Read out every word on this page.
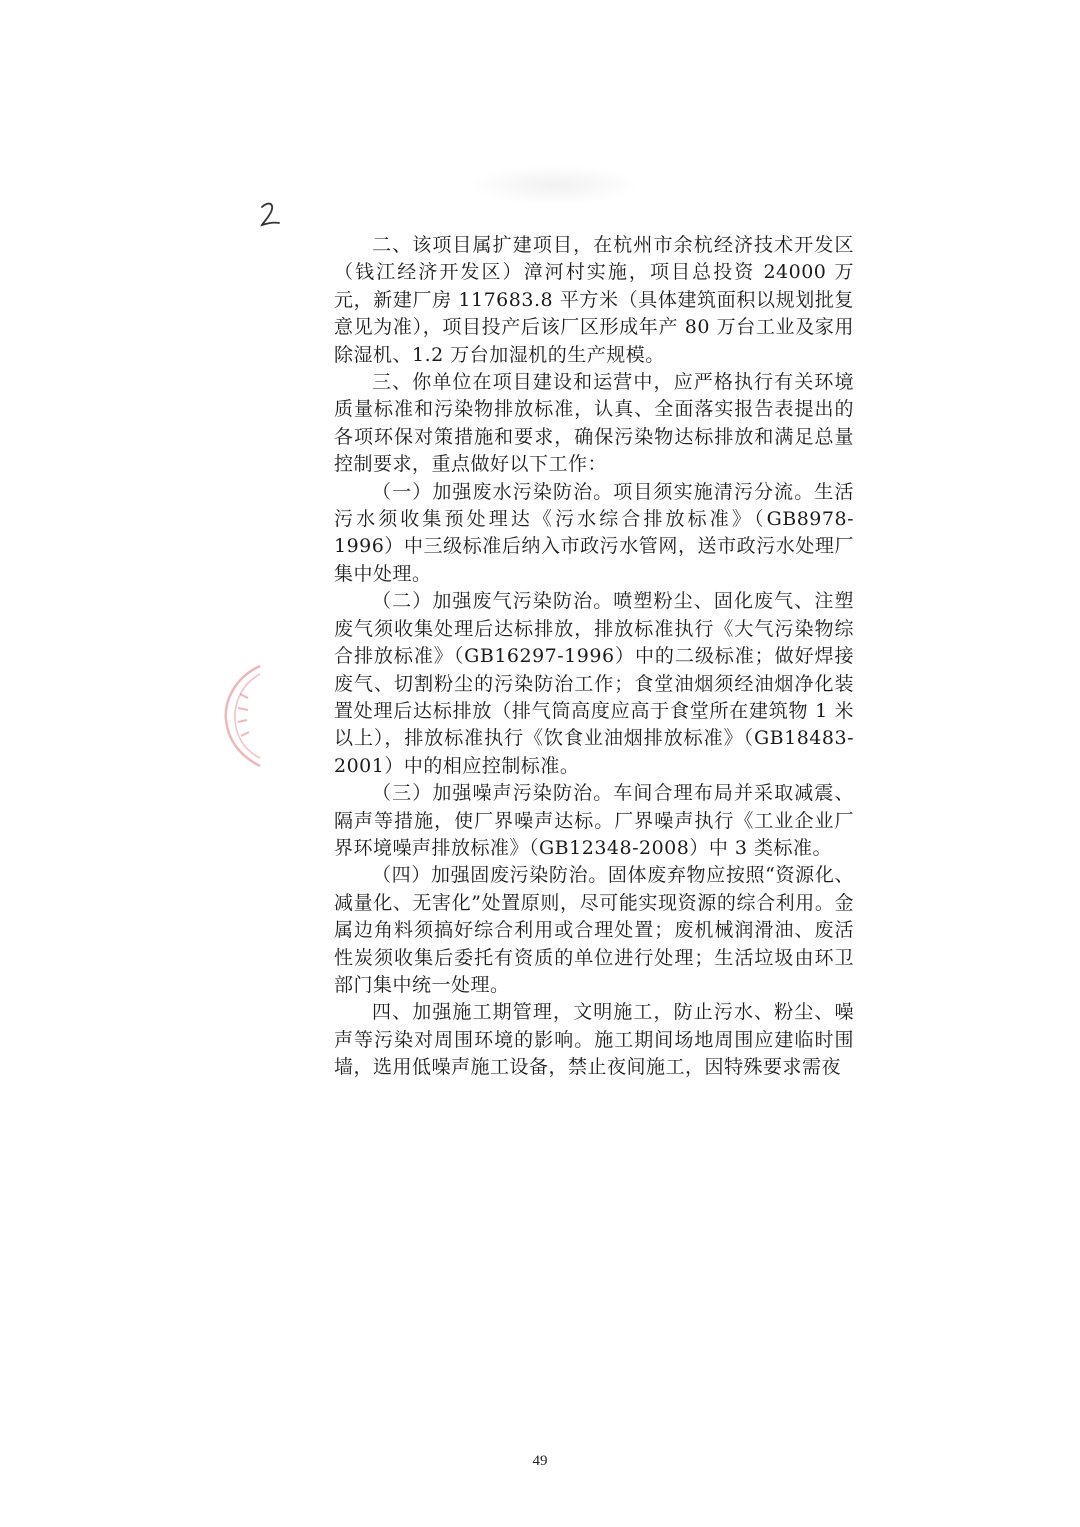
二、该项目属扩建项目，在杭州市余杭经济技术开发区（钱江经济开发区）漳河村实施，项目总投资 24000 万元，新建厂房 117683.8 平方米（具体建筑面积以规划批复意见为准），项目投产后该厂区形成年产 80 万台工业及家用除湿机、1.2 万台加湿机的生产规模。

三、你单位在项目建设和运营中，应严格执行有关环境质量标准和污染物排放标准，认真、全面落实报告表提出的各项环保对策措施和要求，确保污染物达标排放和满足总量控制要求，重点做好以下工作：

（一）加强废水污染防治。项目须实施清污分流。生活污水须收集预处理达《污水综合排放标准》（GB8978-1996）中三级标准后纳入市政污水管网，送市政污水处理厂集中处理。

（二）加强废气污染防治。喷塑粉尘、固化废气、注塑废气须收集处理后达标排放，排放标准执行《大气污染物综合排放标准》（GB16297-1996）中的二级标准；做好焊接废气、切割粉尘的污染防治工作；食堂油烟须经油烟净化装置处理后达标排放（排气筒高度应高于食堂所在建筑物 1 米以上），排放标准执行《饮食业油烟排放标准》（GB18483-2001）中的相应控制标准。

（三）加强噪声污染防治。车间合理布局并采取减震、隔声等措施，使厂界噪声达标。厂界噪声执行《工业企业厂界环境噪声排放标准》（GB12348-2008）中 3 类标准。

（四）加强固废污染防治。固体废弃物应按照“资源化、减量化、无害化”处置原则，尽可能实现资源的综合利用。金属边角料须搞好综合利用或合理处置；废机械润滑油、废活性炭须收集后委托有资质的单位进行处理；生活垃圾由环卫部门集中统一处理。

四、加强施工期管理，文明施工，防止污水、粉尘、噪声等污染对周围环境的影响。施工期间场地周围应建临时围墙，选用低噪声施工设备，禁止夜间施工，因特殊要求需夜

49
